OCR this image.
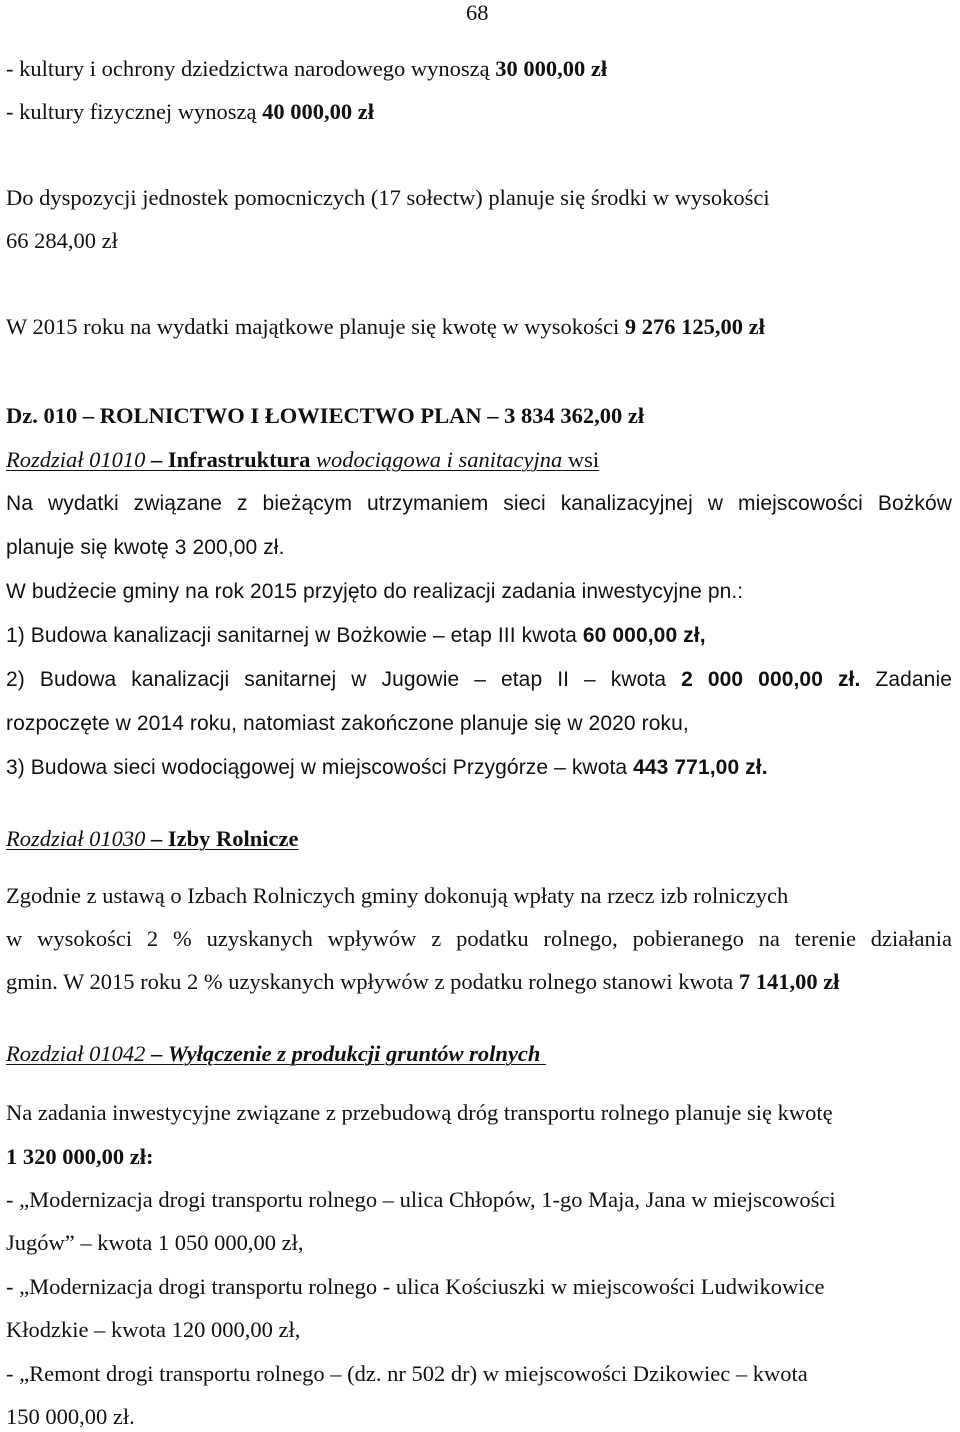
68
- kultury i ochrony dziedzictwa narodowego wynoszą 30 000,00 zł
- kultury fizycznej wynoszą 40 000,00 zł
Do dyspozycji jednostek pomocniczych (17 sołectw) planuje się środki w wysokości
66 284,00 zł
W 2015 roku na wydatki majątkowe planuje się kwotę w wysokości 9 276 125,00 zł
Dz. 010 – ROLNICTWO I ŁOWIECTWO PLAN – 3 834 362,00 zł
Rozdział 01010 – Infrastruktura wodociągowa i sanitacyjna wsi
Na wydatki związane z bieżącym utrzymaniem sieci kanalizacyjnej w miejscowości Bożków
planuje się kwotę 3 200,00 zł.
W budżecie gminy na rok 2015 przyjęto do realizacji zadania inwestycyjne pn.:
1) Budowa kanalizacji sanitarnej w Bożkowie – etap III kwota 60 000,00 zł,
2) Budowa kanalizacji sanitarnej w Jugowie – etap II – kwota 2 000 000,00 zł. Zadanie
rozpoczęte w 2014 roku, natomiast zakończone planuje się w 2020 roku,
3) Budowa sieci wodociągowej w miejscowości Przygórze – kwota 443 771,00 zł.
Rozdział 01030 – Izby Rolnicze
Zgodnie z ustawą o Izbach Rolniczych gminy dokonują wpłaty na rzecz izb rolniczych
w wysokości 2 % uzyskanych wpływów z podatku rolnego, pobieranego na terenie działania
gmin. W 2015 roku 2 % uzyskanych wpływów z podatku rolnego stanowi kwota 7 141,00 zł
Rozdział 01042 – Wyłączenie z produkcji gruntów rolnych
Na zadania inwestycyjne związane z przebudową dróg transportu rolnego planuje się kwotę
1 320 000,00 zł:
- „Modernizacja drogi transportu rolnego – ulica Chłopów, 1-go Maja, Jana w miejscowości
Jugów” – kwota 1 050 000,00 zł,
- „Modernizacja drogi transportu rolnego - ulica Kościuszki w miejscowości Ludwikowice
Kłodzkie – kwota 120 000,00 zł,
- „Remont drogi transportu rolnego – (dz. nr 502 dr) w miejscowości Dzikowiec – kwota
150 000,00 zł.
